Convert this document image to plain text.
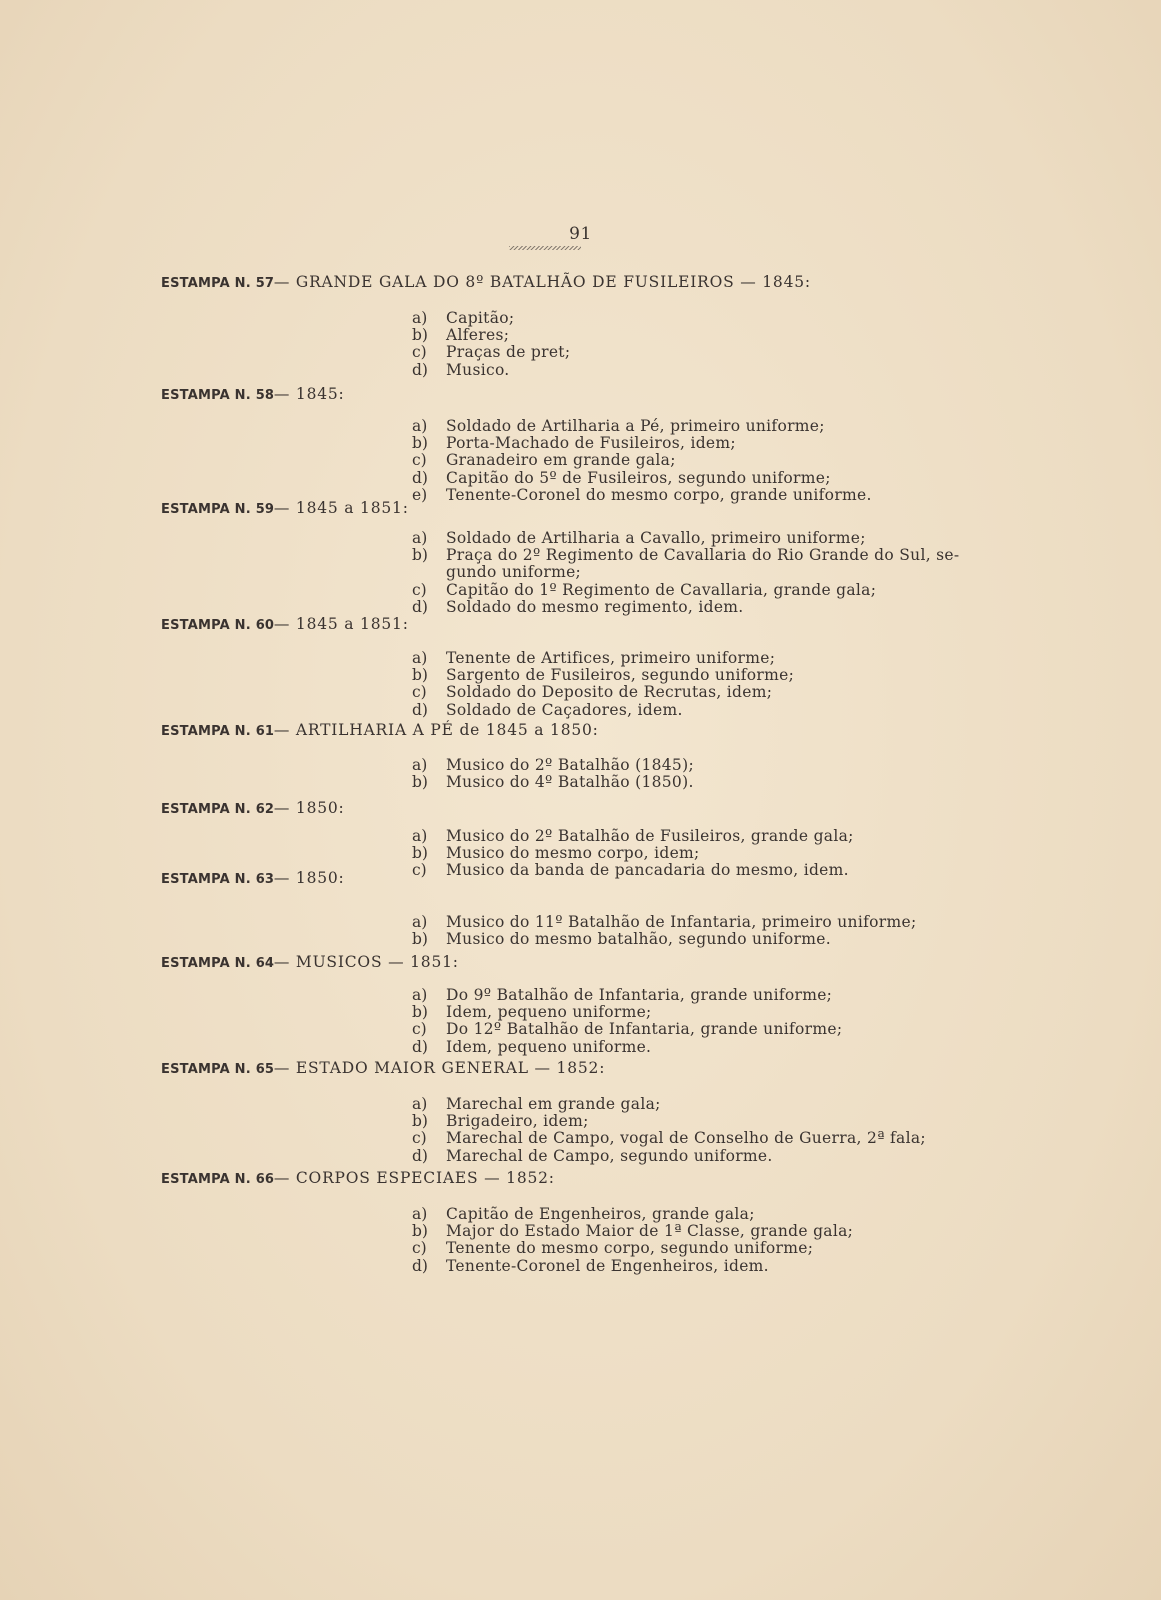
91
ESTAMPA N. 57— GRANDE GALA DO 8º BATALHÃO DE FUSILEIROS — 1845:
a) Capitão;
b) Alferes;
c) Praças de pret;
d) Musico.
ESTAMPA N. 58— 1845:
a) Soldado de Artilharia a Pé, primeiro uniforme;
b) Porta-Machado de Fusileiros, idem;
c) Granadeiro em grande gala;
d) Capitão do 5º de Fusileiros, segundo uniforme;
e) Tenente-Coronel do mesmo corpo, grande uniforme.
ESTAMPA N. 59— 1845 a 1851:
a) Soldado de Artilharia a Cavallo, primeiro uniforme;
b) Praça do 2º Regimento de Cavallaria do Rio Grande do Sul, se-
gundo uniforme;
c) Capitão do 1º Regimento de Cavallaria, grande gala;
d) Soldado do mesmo regimento, idem.
ESTAMPA N. 60— 1845 a 1851:
a) Tenente de Artifices, primeiro uniforme;
b) Sargento de Fusileiros, segundo uniforme;
c) Soldado do Deposito de Recrutas, idem;
d) Soldado de Caçadores, idem.
ESTAMPA N. 61— ARTILHARIA A PÉ de 1845 a 1850:
a) Musico do 2º Batalhão (1845);
b) Musico do 4º Batalhão (1850).
ESTAMPA N. 62— 1850:
a) Musico do 2º Batalhão de Fusileiros, grande gala;
b) Musico do mesmo corpo, idem;
c) Musico da banda de pancadaria do mesmo, idem.
ESTAMPA N. 63— 1850:
a) Musico do 11º Batalhão de Infantaria, primeiro uniforme;
b) Musico do mesmo batalhão, segundo uniforme.
ESTAMPA N. 64— MUSICOS — 1851:
a) Do 9º Batalhão de Infantaria, grande uniforme;
b) Idem, pequeno uniforme;
c) Do 12º Batalhão de Infantaria, grande uniforme;
d) Idem, pequeno uniforme.
ESTAMPA N. 65— ESTADO MAIOR GENERAL — 1852:
a) Marechal em grande gala;
b) Brigadeiro, idem;
c) Marechal de Campo, vogal de Conselho de Guerra, 2ª fala;
d) Marechal de Campo, segundo uniforme.
ESTAMPA N. 66— CORPOS ESPECIAES — 1852:
a) Capitão de Engenheiros, grande gala;
b) Major do Estado Maior de 1ª Classe, grande gala;
c) Tenente do mesmo corpo, segundo uniforme;
d) Tenente-Coronel de Engenheiros, idem.
